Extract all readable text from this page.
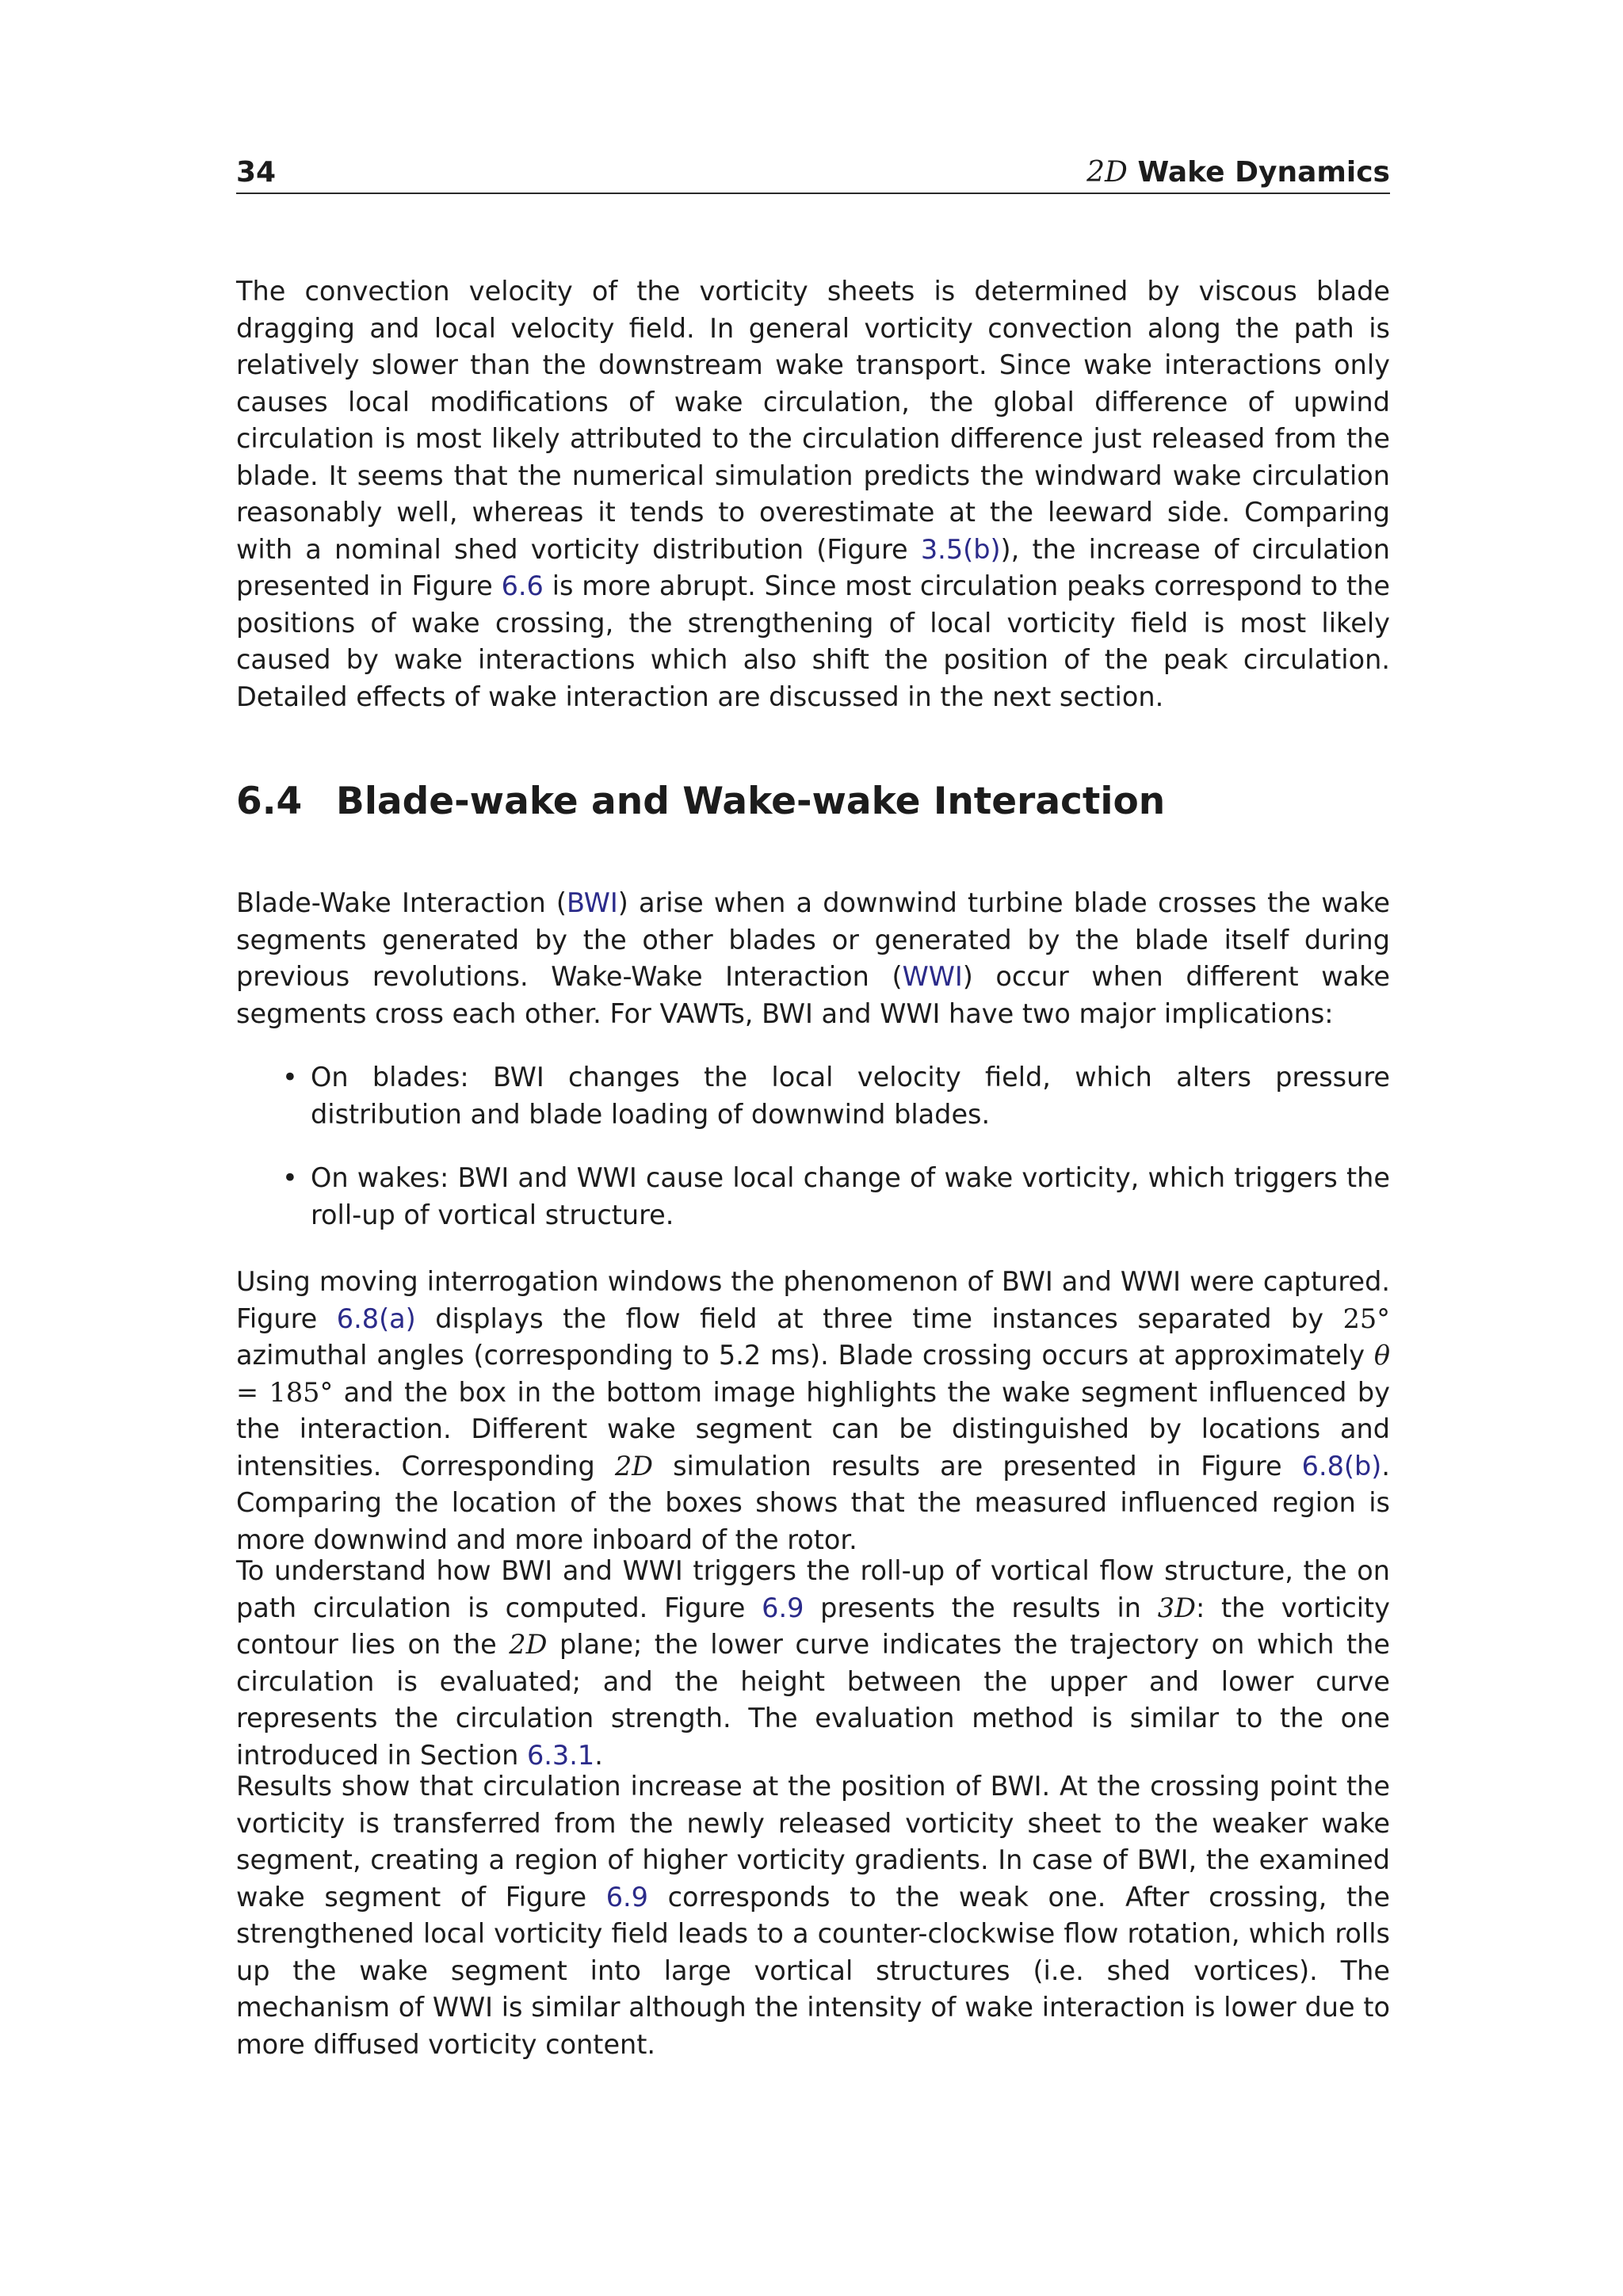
34	2D Wake Dynamics

The convection velocity of the vorticity sheets is determined by viscous blade dragging and local velocity field. In general vorticity convection along the path is relatively slower than the downstream wake transport. Since wake interactions only causes local modifications of wake circulation, the global difference of upwind circulation is most likely attributed to the circulation difference just released from the blade. It seems that the numerical simulation predicts the windward wake circulation reasonably well, whereas it tends to overestimate at the leeward side. Comparing with a nominal shed vorticity distribution (Figure 3.5(b)), the increase of circulation presented in Figure 6.6 is more abrupt. Since most circulation peaks correspond to the positions of wake crossing, the strengthening of local vorticity field is most likely caused by wake interactions which also shift the position of the peak circulation. Detailed effects of wake interaction are discussed in the next section.

6.4 Blade-wake and Wake-wake Interaction

Blade-Wake Interaction (BWI) arise when a downwind turbine blade crosses the wake segments generated by the other blades or generated by the blade itself during previous revolutions. Wake-Wake Interaction (WWI) occur when different wake segments cross each other. For VAWTs, BWI and WWI have two major implications:

• On blades: BWI changes the local velocity field, which alters pressure distribution and blade loading of downwind blades.
• On wakes: BWI and WWI cause local change of wake vorticity, which triggers the roll-up of vortical structure.

Using moving interrogation windows the phenomenon of BWI and WWI were captured. Figure 6.8(a) displays the flow field at three time instances separated by 25° azimuthal angles (corresponding to 5.2 ms). Blade crossing occurs at approximately θ = 185° and the box in the bottom image highlights the wake segment influenced by the interaction. Different wake segment can be distinguished by locations and intensities. Corresponding 2D simulation results are presented in Figure 6.8(b). Comparing the location of the boxes shows that the measured influenced region is more downwind and more inboard of the rotor.

To understand how BWI and WWI triggers the roll-up of vortical flow structure, the on path circulation is computed. Figure 6.9 presents the results in 3D: the vorticity contour lies on the 2D plane; the lower curve indicates the trajectory on which the circulation is evaluated; and the height between the upper and lower curve represents the circulation strength. The evaluation method is similar to the one introduced in Section 6.3.1.

Results show that circulation increase at the position of BWI. At the crossing point the vorticity is transferred from the newly released vorticity sheet to the weaker wake segment, creating a region of higher vorticity gradients. In case of BWI, the examined wake segment of Figure 6.9 corresponds to the weak one. After crossing, the strengthened local vorticity field leads to a counter-clockwise flow rotation, which rolls up the wake segment into large vortical structures (i.e. shed vortices). The mechanism of WWI is similar although the intensity of wake interaction is lower due to more diffused vorticity content.
